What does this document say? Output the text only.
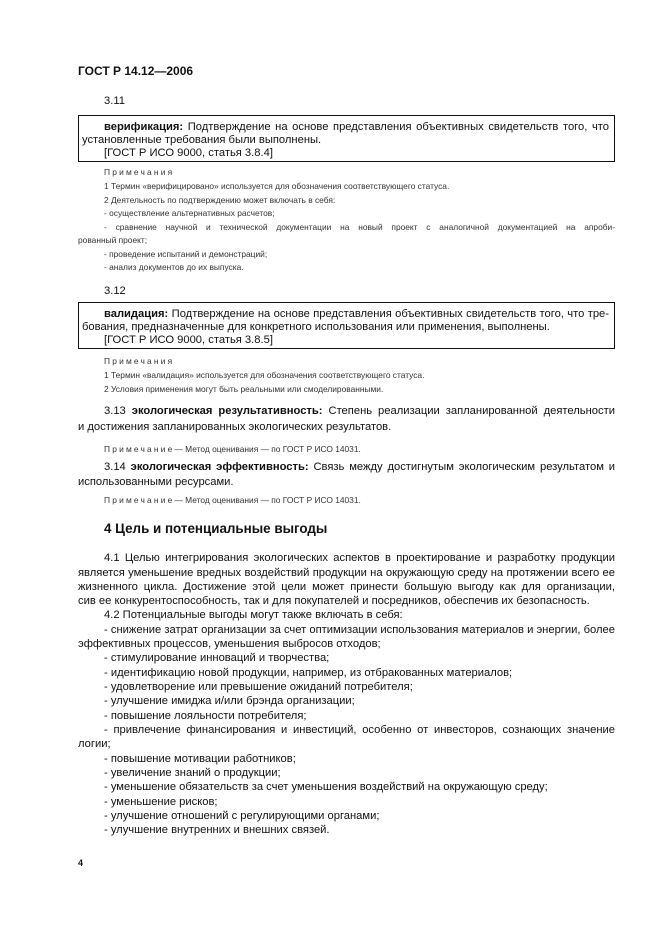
ГОСТ Р 14.12—2006
3.11
верификация: Подтверждение на основе представления объективных свидетельств того, что
установленные требования были выполнены.
[ГОСТ Р ИСО 9000, статья 3.8.4]
Примечания
1 Термин «верифицировано» используется для обозначения соответствующего статуса.
2 Деятельность по подтверждению может включать в себя:
- осуществление альтернативных расчетов;
- сравнение научной и технической документации на новый проект с аналогичной документацией на апроби-
рованный проект;
- проведение испытаний и демонстраций;
- анализ документов до их выпуска.
3.12
валидация: Подтверждение на основе представления объективных свидетельств того, что тре-
бования, предназначенные для конкретного использования или применения, выполнены.
[ГОСТ Р ИСО 9000, статья 3.8.5]
Примечания
1 Термин «валидация» используется для обозначения соответствующего статуса.
2 Условия применения могут быть реальными или смоделированными.
3.13 экологическая результативность: Степень реализации запланированной деятельности
и достижения запланированных экологических результатов.
Примечание— Метод оценивания — по ГОСТ Р ИСО 14031.
3.14 экологическая эффективность: Связь между достигнутым экологическим результатом и
использованными ресурсами.
Примечание— Метод оценивания — по ГОСТ Р ИСО 14031.
4 Цель и потенциальные выгоды
4.1 Целью интегрирования экологических аспектов в проектирование и разработку продукции
является уменьшение вредных воздействий продукции на окружающую среду на протяжении всего ее
жизненного цикла. Достижение этой цели может принести большую выгоду как для организации,
сив ее конкурентоспособность, так и для покупателей и посредников, обеспечив их безопасность.
4.2 Потенциальные выгоды могут также включать в себя:
- снижение затрат организации за счет оптимизации использования материалов и энергии, более
эффективных процессов, уменьшения выбросов отходов;
- стимулирование инноваций и творчества;
- идентификацию новой продукции, например, из отбракованных материалов;
- удовлетворение или превышение ожиданий потребителя;
- улучшение имиджа и/или брэнда организации;
- повышение лояльности потребителя;
- привлечение финансирования и инвестиций, особенно от инвесторов, сознающих значение
логии;
- повышение мотивации работников;
- увеличение знаний о продукции;
- уменьшение обязательств за счет уменьшения воздействий на окружающую среду;
- уменьшение рисков;
- улучшение отношений с регулирующими органами;
- улучшение внутренних и внешних связей.
4
